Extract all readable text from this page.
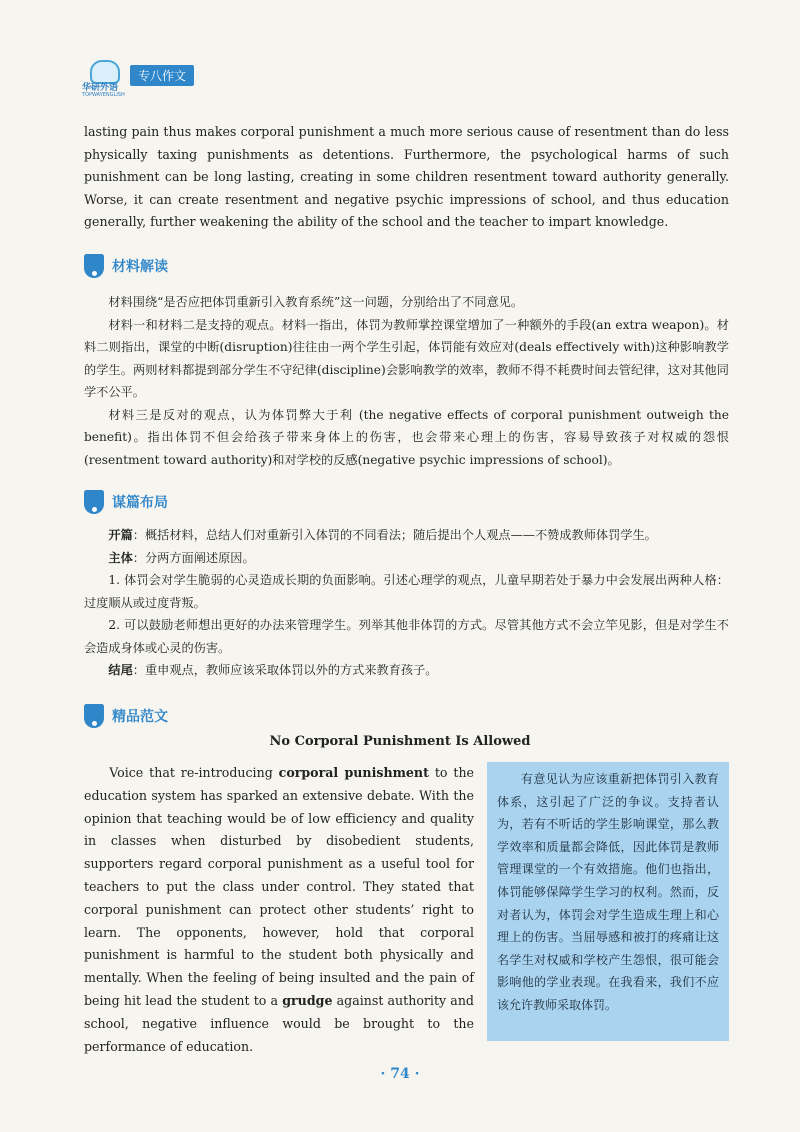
华研外语
TOPWAYENGLISH
专八作文
lasting pain thus makes corporal punishment a much more serious cause of resentment than do less physically taxing punishments as detentions. Furthermore, the psychological harms of such punishment can be long lasting, creating in some children resentment toward authority generally. Worse, it can create resentment and negative psychic impressions of school, and thus education generally, further weakening the ability of the school and the teacher to impart knowledge.
材料解读

材料围绕“是否应把体罚重新引入教育系统”这一问题，分别给出了不同意见。

材料一和材料二是支持的观点。材料一指出，体罚为教师掌控课堂增加了一种额外的手段(an extra weapon)。材料二则指出，课堂的中断(disruption)往往由一两个学生引起，体罚能有效应对(deals effectively with)这种影响教学的学生。两则材料都提到部分学生不守纪律(discipline)会影响教学的效率，教师不得不耗费时间去管纪律，这对其他同学不公平。

材料三是反对的观点，认为体罚弊大于利 (the negative effects of corporal punishment outweigh the benefit)。指出体罚不但会给孩子带来身体上的伤害，也会带来心理上的伤害，容易导致孩子对权威的怨恨(resentment toward authority)和对学校的反感(negative psychic impressions of school)。

谋篇布局

开篇：概括材料，总结人们对重新引入体罚的不同看法；随后提出个人观点——不赞成教师体罚学生。

主体：分两方面阐述原因。

1. 体罚会对学生脆弱的心灵造成长期的负面影响。引述心理学的观点，儿童早期若处于暴力中会发展出两种人格：过度顺从或过度背叛。

2. 可以鼓励老师想出更好的办法来管理学生。列举其他非体罚的方式。尽管其他方式不会立竿见影，但是对学生不会造成身体或心灵的伤害。

结尾：重申观点，教师应该采取体罚以外的方式来教育孩子。

精品范文
No Corporal Punishment Is Allowed

Voice that re-introducing corporal punishment to the education system has sparked an extensive debate. With the opinion that teaching would be of low efficiency and quality in classes when disturbed by disobedient students, supporters regard corporal punishment as a useful tool for teachers to put the class under control. They stated that corporal punishment can protect other students’ right to learn. The opponents, however, hold that corporal punishment is harmful to the student both physically and mentally. When the feeling of being insulted and the pain of being hit lead the student to a grudge against authority and school, negative influence would be brought to the performance of education.

有意见认为应该重新把体罚引入教育体系，这引起了广泛的争议。支持者认为，若有不听话的学生影响课堂，那么教学效率和质量都会降低，因此体罚是教师管理课堂的一个有效措施。他们也指出，体罚能够保障学生学习的权利。然而，反对者认为，体罚会对学生造成生理上和心理上的伤害。当屈辱感和被打的疼痛让这名学生对权威和学校产生怨恨，很可能会影响他的学业表现。在我看来，我们不应该允许教师采取体罚。

· 74 ·
